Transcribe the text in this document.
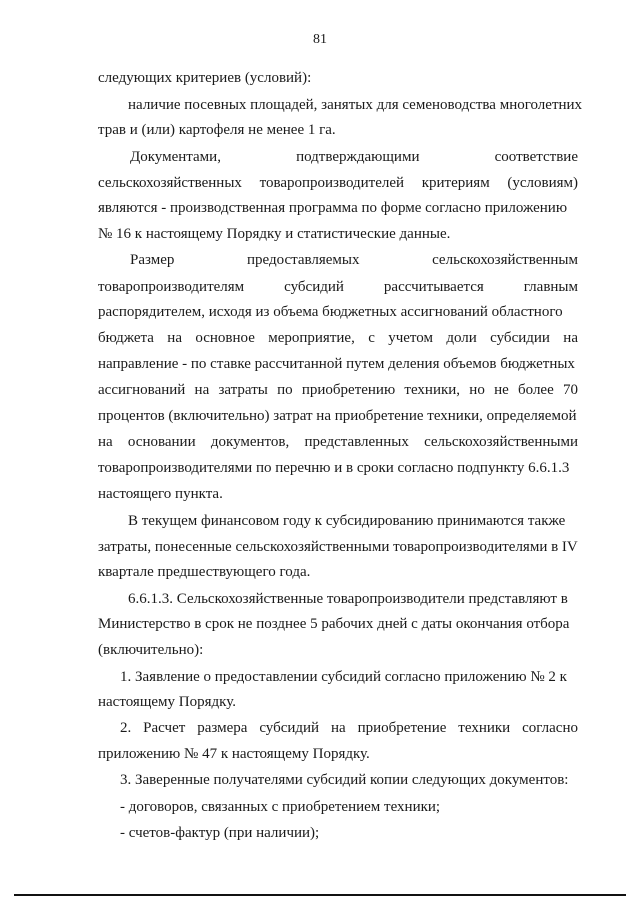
81
следующих критериев (условий):
наличие посевных площадей, занятых для семеноводства многолетних
трав и (или) картофеля не менее 1 га.
Документами, подтверждающими соответствие
сельскохозяйственных товаропроизводителей критериям (условиям)
являются - производственная программа по форме согласно приложению
№ 16 к настоящему Порядку и статистические данные.
Размер предоставляемых сельскохозяйственным
товаропроизводителям субсидий рассчитывается главным
распорядителем, исходя из объема бюджетных ассигнований областного
бюджета на основное мероприятие, с учетом доли субсидии на
направление - по ставке рассчитанной путем деления объемов бюджетных
ассигнований на затраты по приобретению техники, но не более 70
процентов (включительно) затрат на приобретение техники, определяемой
на основании документов, представленных сельскохозяйственными
товаропроизводителями по перечню и в сроки согласно подпункту 6.6.1.3
настоящего пункта.
В текущем финансовом году к субсидированию принимаются также
затраты, понесенные сельскохозяйственными товаропроизводителями в IV
квартале предшествующего года.
6.6.1.3. Сельскохозяйственные товаропроизводители представляют в
Министерство в срок не позднее 5 рабочих дней с даты окончания отбора
(включительно):
1. Заявление о предоставлении субсидий согласно приложению № 2 к
настоящему Порядку.
2. Расчет размера субсидий на приобретение техники согласно
приложению № 47 к настоящему Порядку.
3. Заверенные получателями субсидий копии следующих документов:
- договоров, связанных с приобретением техники;
- счетов-фактур (при наличии);
